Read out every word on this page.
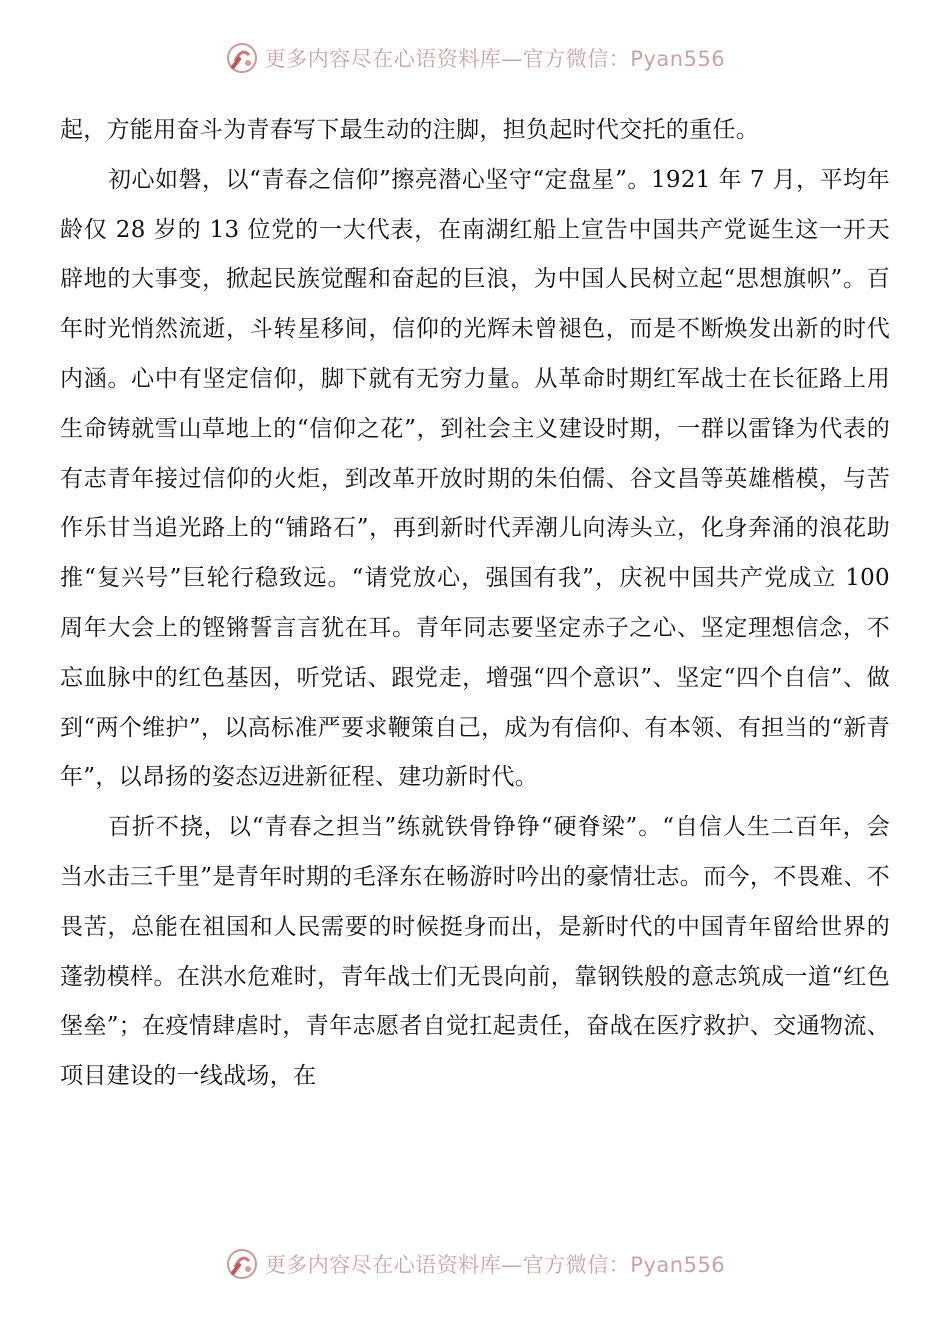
更多内容尽在心语资料库—官方微信：Pyan556

起，方能用奋斗为青春写下最生动的注脚，担负起时代交托的重任。

初心如磐，以“青春之信仰”擦亮潜心坚守“定盘星”。1921 年 7 月，平均年龄仅 28 岁的 13 位党的一大代表，在南湖红船上宣告中国共产党诞生这一开天辟地的大事变，掀起民族觉醒和奋起的巨浪，为中国人民树立起“思想旗帜”。百年时光悄然流逝，斗转星移间，信仰的光辉未曾褪色，而是不断焕发出新的时代内涵。心中有坚定信仰，脚下就有无穷力量。从革命时期红军战士在长征路上用生命铸就雪山草地上的“信仰之花”，到社会主义建设时期，一群以雷锋为代表的有志青年接过信仰的火炬，到改革开放时期的朱伯儒、谷文昌等英雄楷模，与苦作乐甘当追光路上的“铺路石”，再到新时代弄潮儿向涛头立，化身奔涌的浪花助推“复兴号”巨轮行稳致远。“请党放心，强国有我”，庆祝中国共产党成立 100 周年大会上的铿锵誓言言犹在耳。青年同志要坚定赤子之心、坚定理想信念，不忘血脉中的红色基因，听党话、跟党走，增强“四个意识”、坚定“四个自信”、做到“两个维护”，以高标准严要求鞭策自己，成为有信仰、有本领、有担当的“新青年”，以昂扬的姿态迈进新征程、建功新时代。

百折不挠，以“青春之担当”练就铁骨铮铮“硬脊梁”。“自信人生二百年，会当水击三千里”是青年时期的毛泽东在畅游时吟出的豪情壮志。而今，不畏难、不畏苦，总能在祖国和人民需要的时候挺身而出，是新时代的中国青年留给世界的蓬勃模样。在洪水危难时，青年战士们无畏向前，靠钢铁般的意志筑成一道“红色堡垒”；在疫情肆虐时，青年志愿者自觉扛起责任，奋战在医疗救护、交通物流、项目建设的一线战场，在

更多内容尽在心语资料库—官方微信：Pyan556
